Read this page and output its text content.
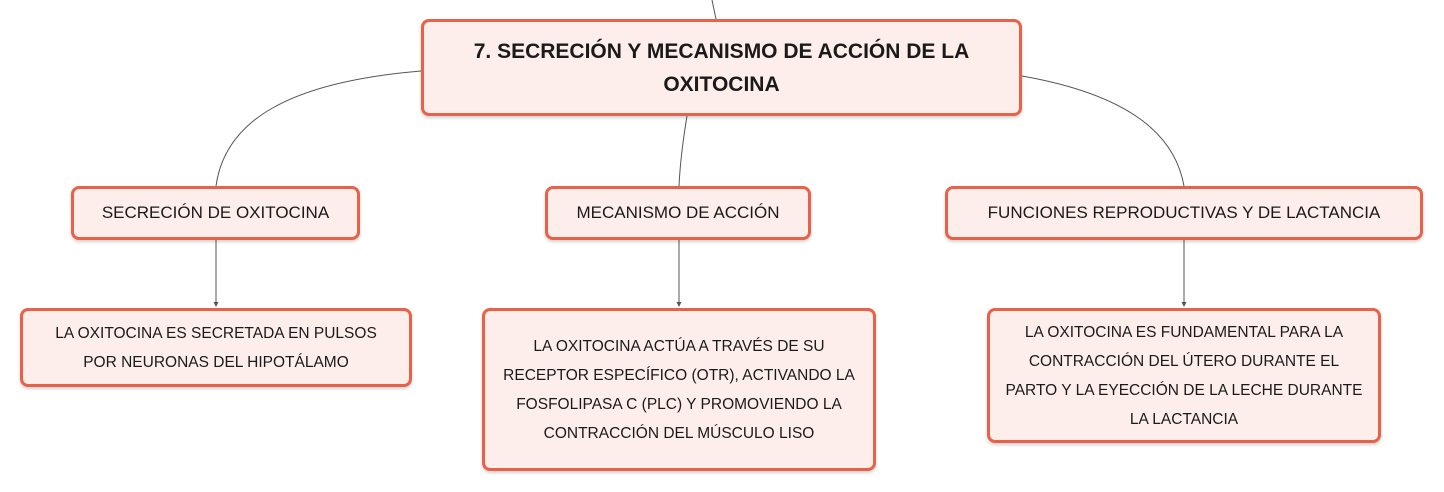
7. SECRECIÓN Y MECANISMO DE ACCIÓN DE LA OXITOCINA
SECRECIÓN DE OXITOCINA	MECANISMO DE ACCIÓN	FUNCIONES REPRODUCTIVAS Y DE LACTANCIA
LA OXITOCINA ES SECRETADA EN PULSOS POR NEURONAS DEL HIPOTÁLAMO
LA OXITOCINA ACTÚA A TRAVÉS DE SU RECEPTOR ESPECÍFICO (OTR), ACTIVANDO LA FOSFOLIPASA C (PLC) Y PROMOVIENDO LA CONTRACCIÓN DEL MÚSCULO LISO
LA OXITOCINA ES FUNDAMENTAL PARA LA CONTRACCIÓN DEL ÚTERO DURANTE EL PARTO Y LA EYECCIÓN DE LA LECHE DURANTE LA LACTANCIA
